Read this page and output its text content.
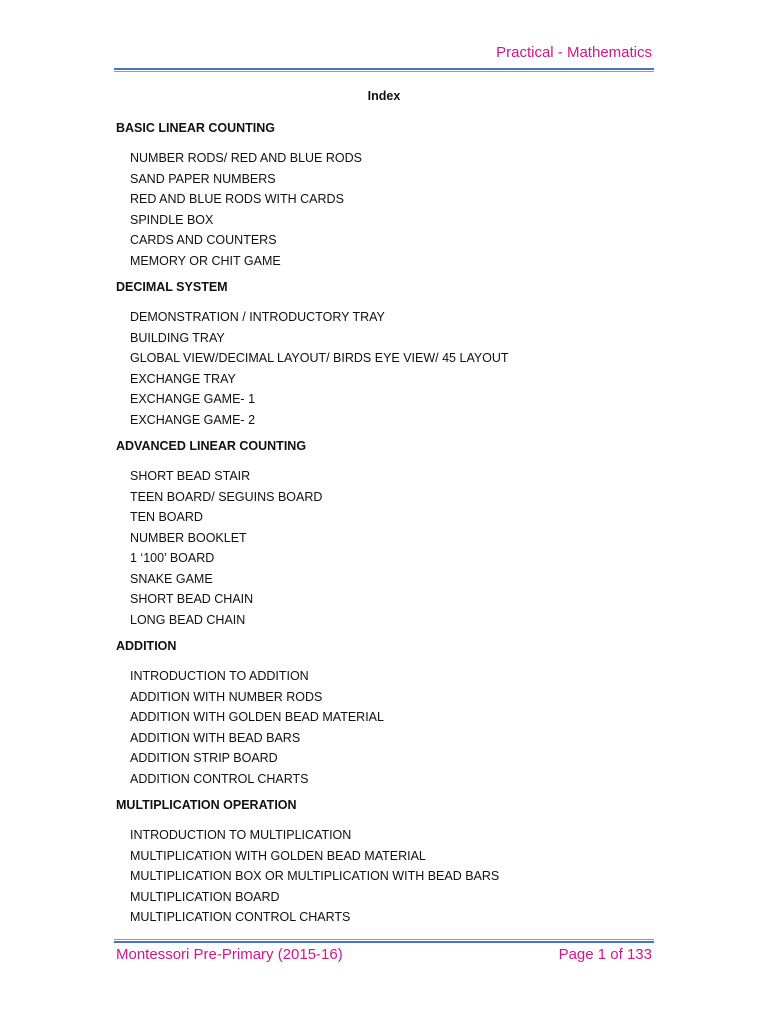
Practical - Mathematics
Index
BASIC LINEAR COUNTING
NUMBER RODS/ RED AND BLUE RODS
SAND PAPER NUMBERS
RED AND BLUE RODS WITH CARDS
SPINDLE BOX
CARDS AND COUNTERS
MEMORY OR CHIT GAME
DECIMAL SYSTEM
DEMONSTRATION / INTRODUCTORY TRAY
BUILDING TRAY
GLOBAL VIEW/DECIMAL LAYOUT/ BIRDS EYE VIEW/ 45 LAYOUT
EXCHANGE TRAY
EXCHANGE GAME- 1
EXCHANGE GAME- 2
ADVANCED LINEAR COUNTING
SHORT BEAD STAIR
TEEN BOARD/ SEGUINS BOARD
TEN BOARD
NUMBER BOOKLET
1 ‘100’ BOARD
SNAKE GAME
SHORT BEAD CHAIN
LONG BEAD CHAIN
ADDITION
INTRODUCTION TO ADDITION
ADDITION WITH NUMBER RODS
ADDITION WITH GOLDEN BEAD MATERIAL
ADDITION WITH BEAD BARS
ADDITION STRIP BOARD
ADDITION CONTROL CHARTS
MULTIPLICATION OPERATION
INTRODUCTION TO MULTIPLICATION
MULTIPLICATION WITH GOLDEN BEAD MATERIAL
MULTIPLICATION BOX OR MULTIPLICATION WITH BEAD BARS
MULTIPLICATION BOARD
MULTIPLICATION CONTROL CHARTS
Montessori Pre-Primary (2015-16)	Page 1 of 133
